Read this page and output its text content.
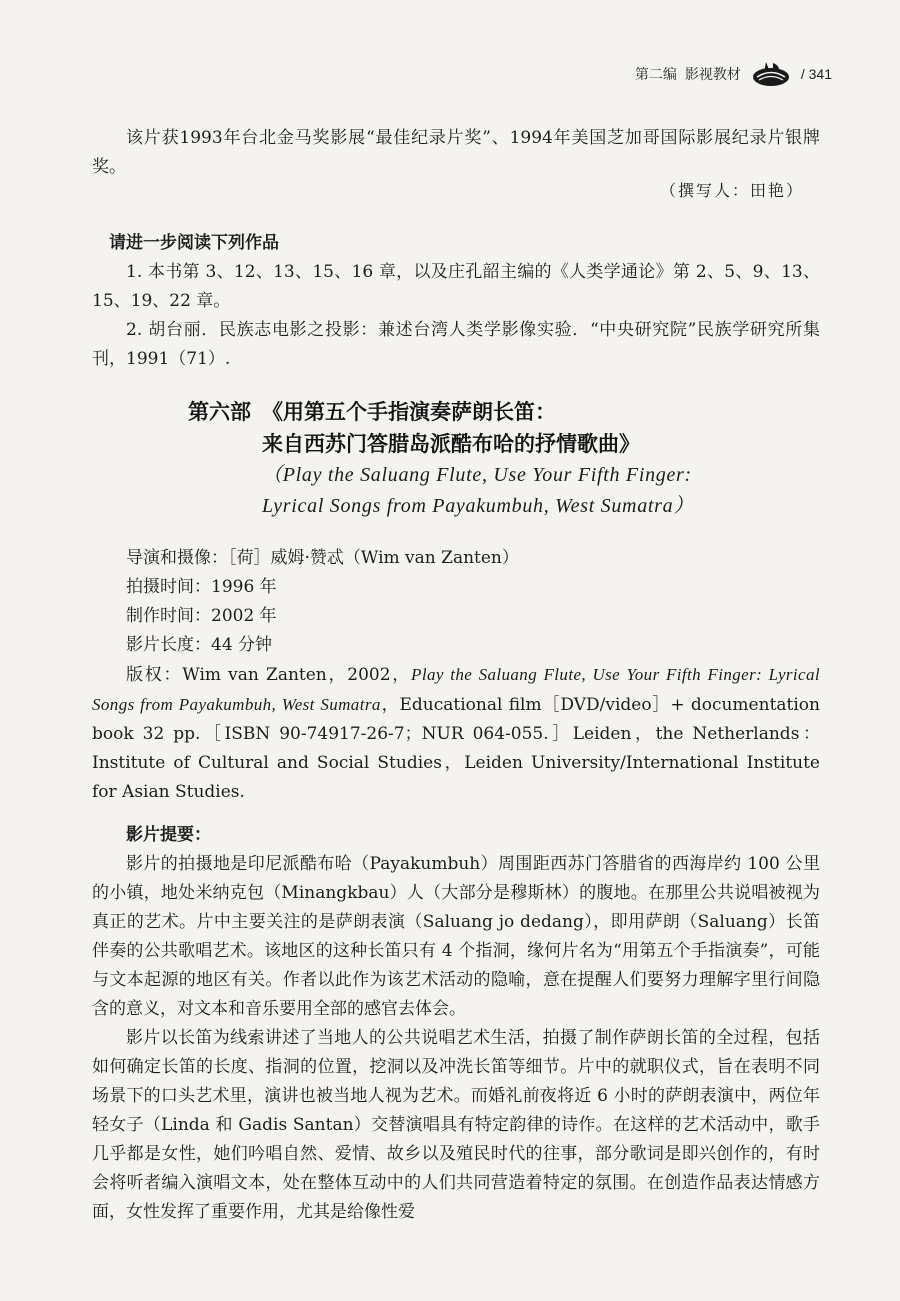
第二编 影视教材	/ 341
该片获1993年台北金马奖影展“最佳纪录片奖”、1994年美国芝加哥国际影展纪录片银牌奖。
（撰写人：田艳）
请进一步阅读下列作品
1. 本书第 3、12、13、15、16 章，以及庄孔韶主编的《人类学通论》第 2、5、9、13、15、19、22 章。
2. 胡台丽．民族志电影之投影：兼述台湾人类学影像实验．“中央研究院”民族学研究所集刊，1991（71）.
第六部 《用第五个手指演奏萨朗长笛：
来自西苏门答腊岛派酷布哈的抒情歌曲》
（Play the Saluang Flute, Use Your Fifth Finger:
Lyrical Songs from Payakumbuh, West Sumatra）
导演和摄像：［荷］威姆·赞忒（Wim van Zanten）
拍摄时间：1996 年
制作时间：2002 年
影片长度：44 分钟
版权：Wim van Zanten，2002，Play the Saluang Flute, Use Your Fifth Finger: Lyrical Songs from Payakumbuh, West Sumatra，Educational film［DVD/video］+ documentation book 32 pp.［ISBN 90-74917-26-7；NUR 064-055.］Leiden，the Netherlands：Institute of Cultural and Social Studies，Leiden University/International Institute for Asian Studies.
影片提要：
影片的拍摄地是印尼派酷布哈（Payakumbuh）周围距西苏门答腊省的西海岸约 100 公里的小镇，地处米纳克包（Minangkbau）人（大部分是穆斯林）的腹地。在那里公共说唱被视为真正的艺术。片中主要关注的是萨朗表演（Saluang jo dedang），即用萨朗（Saluang）长笛伴奏的公共歌唱艺术。该地区的这种长笛只有 4 个指洞，缘何片名为“用第五个手指演奏”，可能与文本起源的地区有关。作者以此作为该艺术活动的隐喻，意在提醒人们要努力理解字里行间隐含的意义，对文本和音乐要用全部的感官去体会。
影片以长笛为线索讲述了当地人的公共说唱艺术生活，拍摄了制作萨朗长笛的全过程，包括如何确定长笛的长度、指洞的位置，挖洞以及冲洗长笛等细节。片中的就职仪式，旨在表明不同场景下的口头艺术里，演讲也被当地人视为艺术。而婚礼前夜将近 6 小时的萨朗表演中，两位年轻女子（Linda 和 Gadis Santan）交替演唱具有特定韵律的诗作。在这样的艺术活动中，歌手几乎都是女性，她们吟唱自然、爱情、故乡以及殖民时代的往事，部分歌词是即兴创作的，有时会将听者编入演唱文本，处在整体互动中的人们共同营造着特定的氛围。在创造作品表达情感方面，女性发挥了重要作用，尤其是给像性爱
